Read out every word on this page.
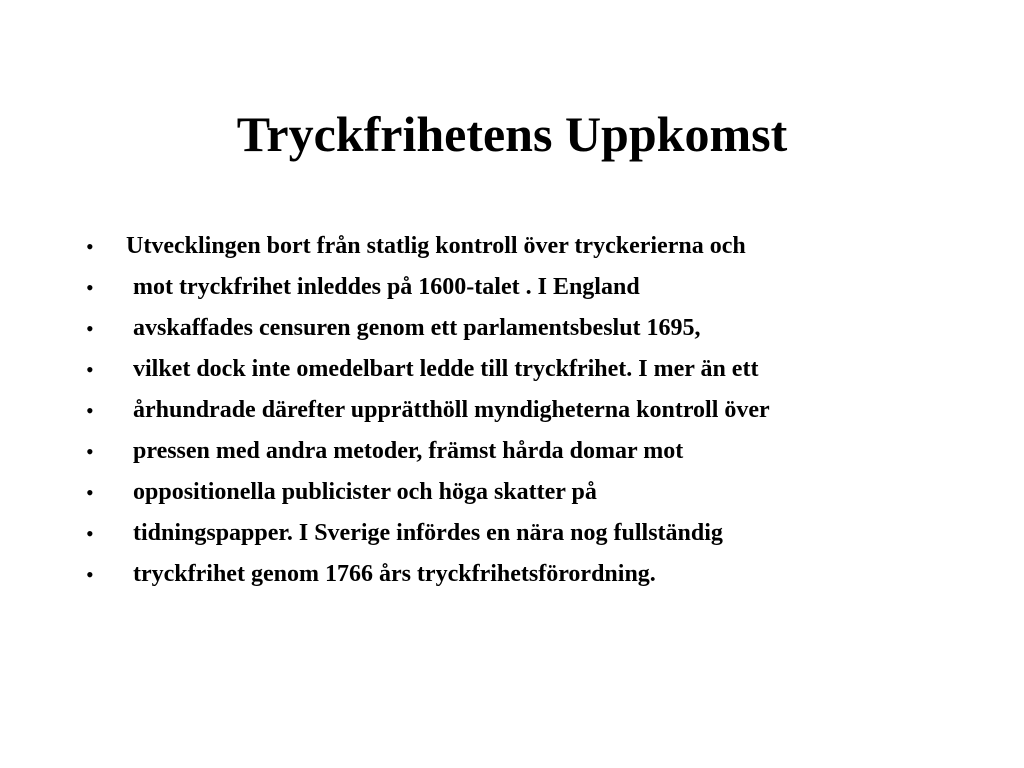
Tryckfrihetens Uppkomst
• Utvecklingen bort från statlig kontroll över tryckerierna och
• mot tryckfrihet inleddes på 1600-talet . I England
• avskaffades censuren genom ett parlamentsbeslut 1695,
• vilket dock inte omedelbart ledde till tryckfrihet. I mer än ett
• århundrade därefter upprätthöll myndigheterna kontroll över
• pressen med andra metoder, främst hårda domar mot
• oppositionella publicister och höga skatter på
• tidningspapper. I Sverige infördes en nära nog fullständig
• tryckfrihet genom 1766 års tryckfrihetsförordning.
